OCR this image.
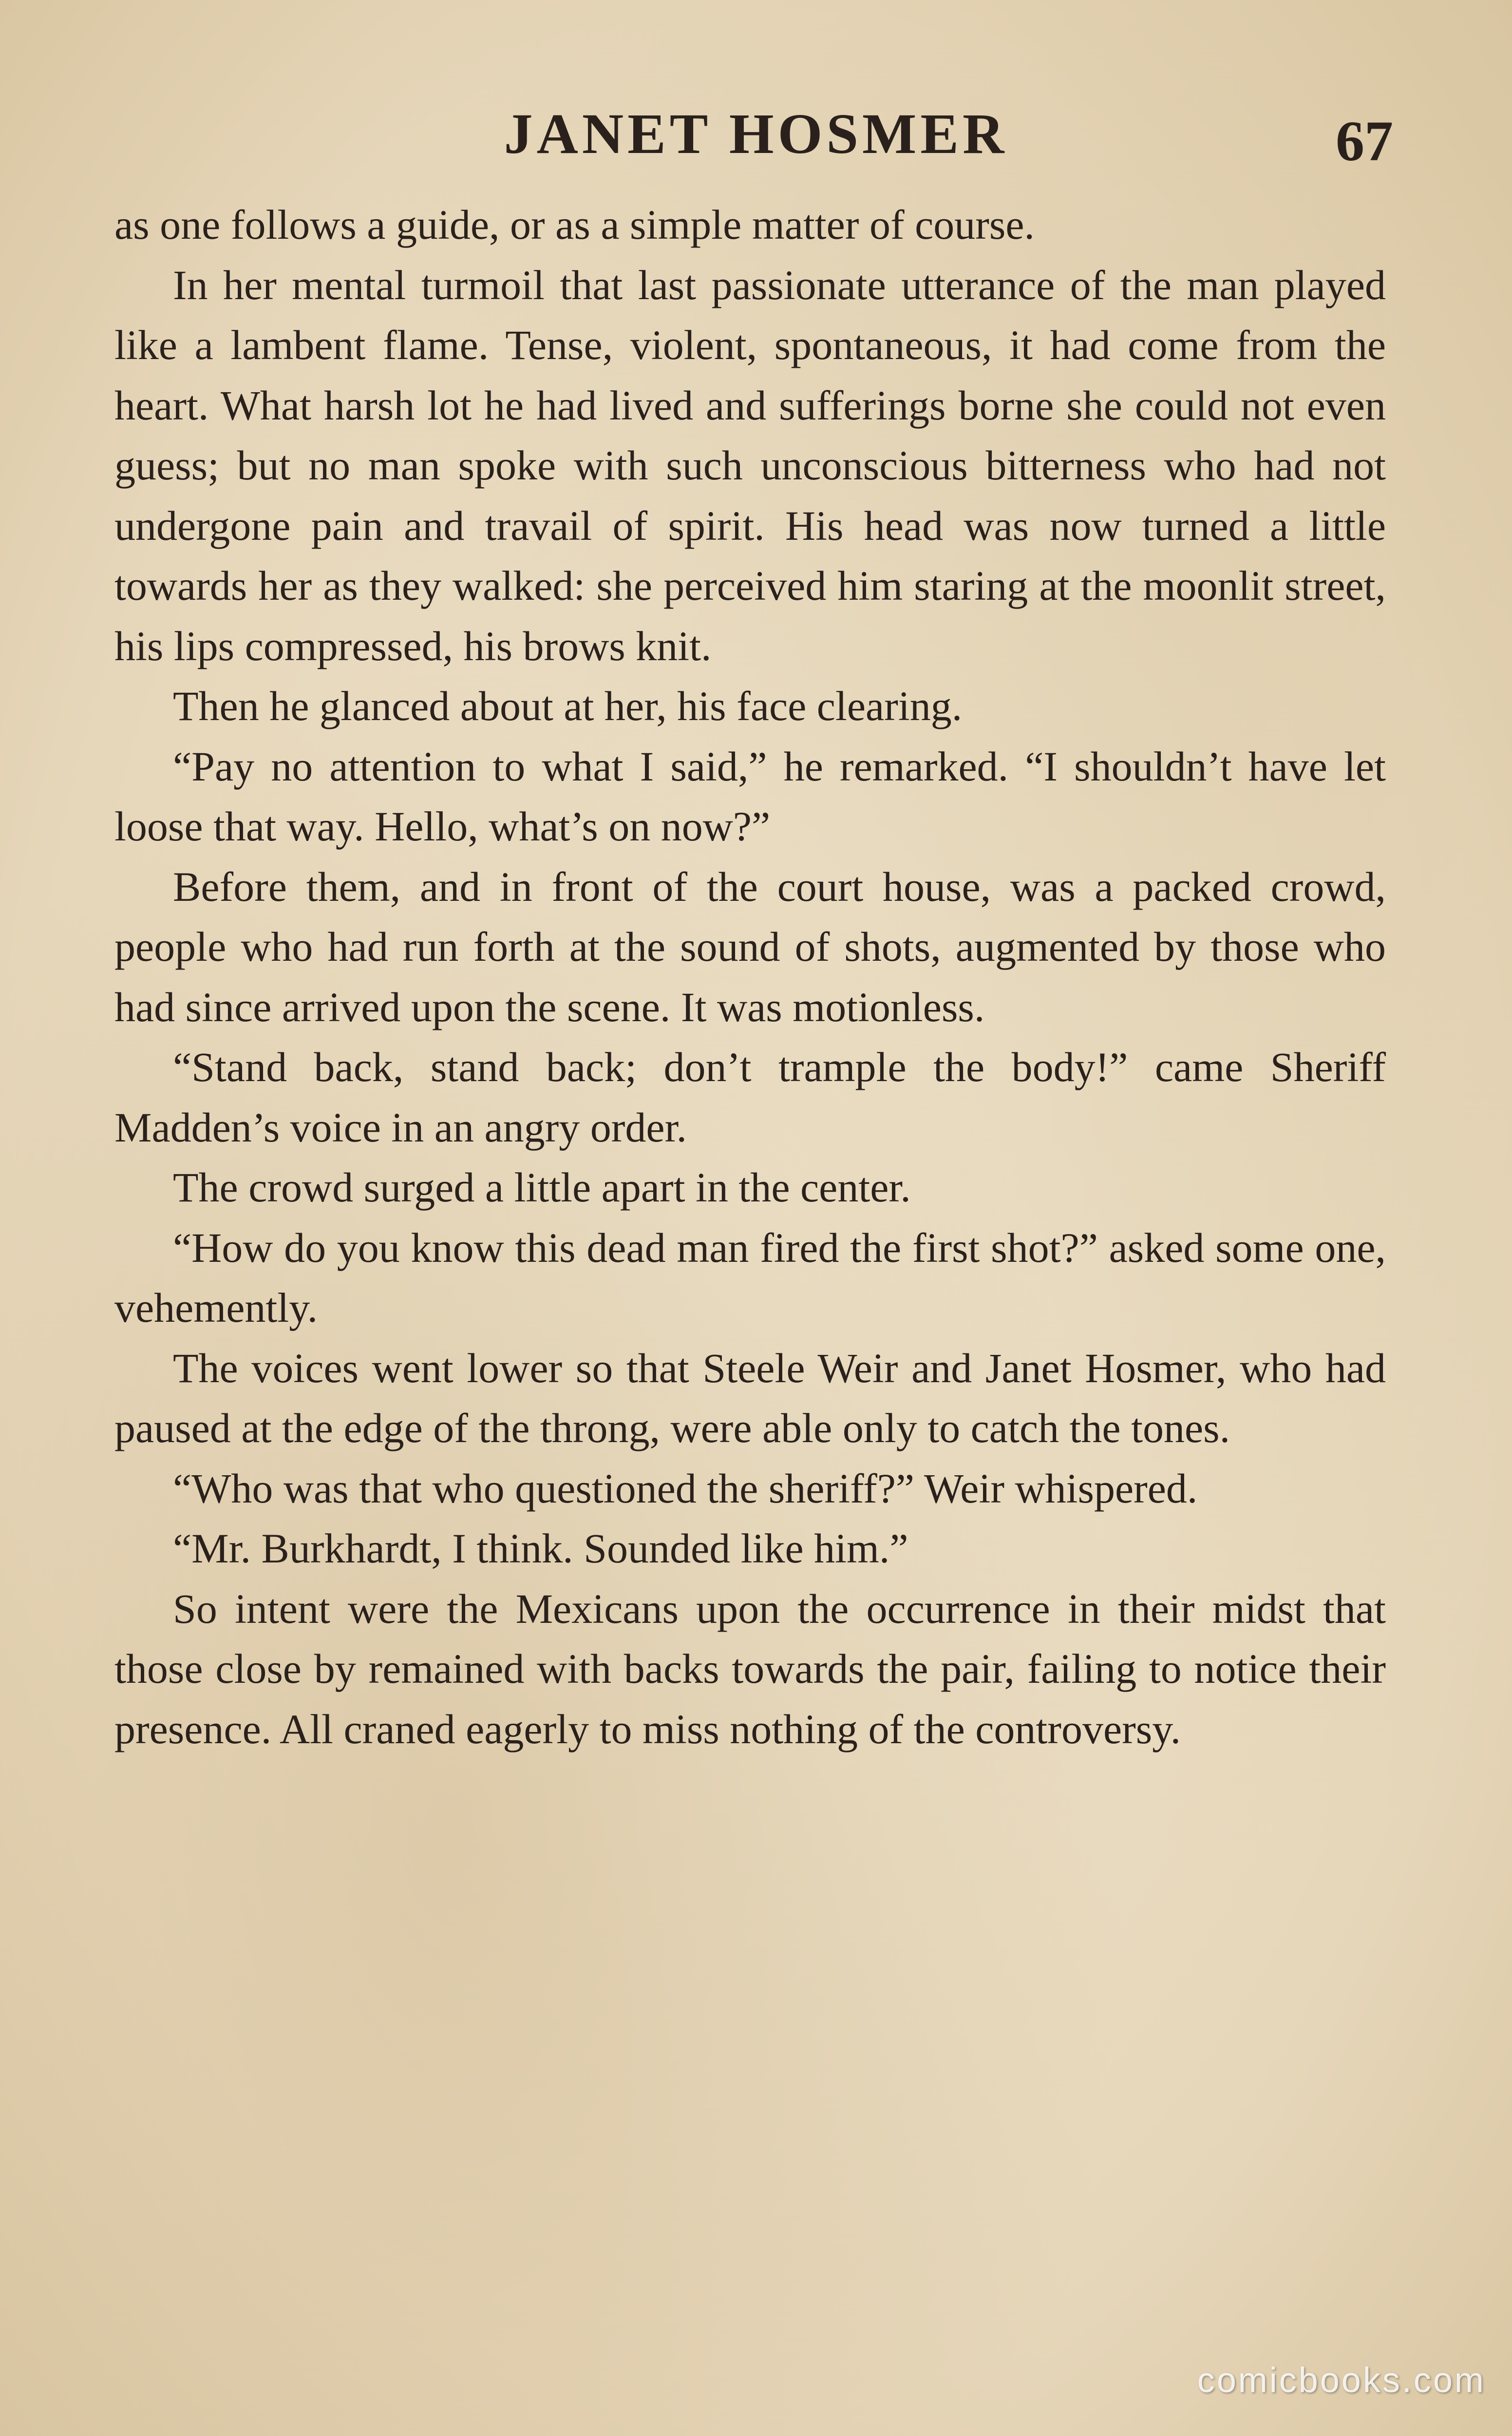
JANET HOSMER	67

as one follows a guide, or as a simple matter of course.

In her mental turmoil that last passionate utterance of the man played like a lambent flame. Tense, violent, spontaneous, it had come from the heart. What harsh lot he had lived and sufferings borne she could not even guess; but no man spoke with such unconscious bitterness who had not undergone pain and travail of spirit. His head was now turned a little towards her as they walked: she perceived him staring at the moonlit street, his lips compressed, his brows knit.

Then he glanced about at her, his face clearing.

“Pay no attention to what I said,” he remarked. “I shouldn’t have let loose that way. Hello, what’s on now?”

Before them, and in front of the court house, was a packed crowd, people who had run forth at the sound of shots, augmented by those who had since arrived upon the scene. It was motionless.

“Stand back, stand back; don’t trample the body!” came Sheriff Madden’s voice in an angry order.

The crowd surged a little apart in the center.

“How do you know this dead man fired the first shot?” asked some one, vehemently.

The voices went lower so that Steele Weir and Janet Hosmer, who had paused at the edge of the throng, were able only to catch the tones.

“Who was that who questioned the sheriff?” Weir whispered.

“Mr. Burkhardt, I think. Sounded like him.”

So intent were the Mexicans upon the occurrence in their midst that those close by remained with backs towards the pair, failing to notice their presence. All craned eagerly to miss nothing of the controversy.

comicbooks.com
